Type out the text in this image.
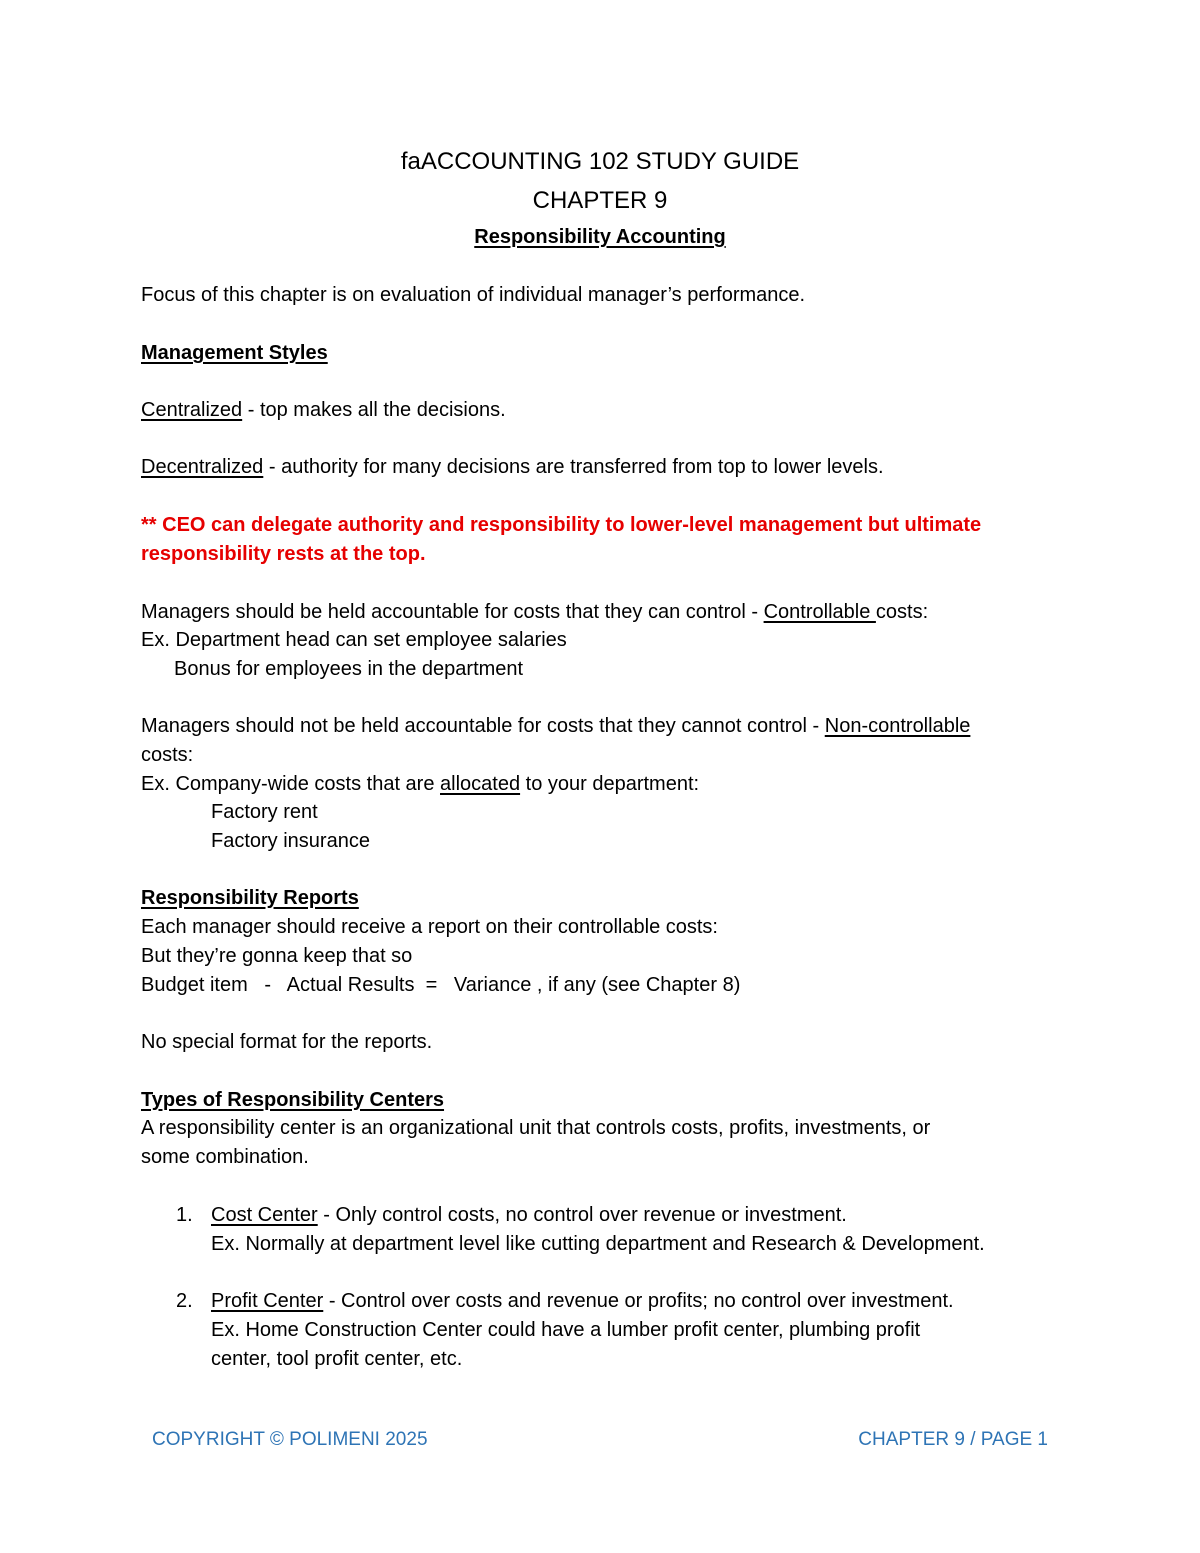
faACCOUNTING 102 STUDY GUIDE
CHAPTER 9
Responsibility Accounting
Focus of this chapter is on evaluation of individual manager’s performance.
Management Styles
Centralized - top makes all the decisions.
Decentralized - authority for many decisions are transferred from top to lower levels.
** CEO can delegate authority and responsibility to lower-level management but ultimate
responsibility rests at the top.
Managers should be held accountable for costs that they can control - Controllable costs:
Ex. Department head can set employee salaries
Bonus for employees in the department
Managers should not be held accountable for costs that they cannot control - Non-controllable
costs:
Ex. Company-wide costs that are allocated to your department:
Factory rent
Factory insurance
Responsibility Reports
Each manager should receive a report on their controllable costs:
But they’re gonna keep that so
Budget item   -   Actual Results  =   Variance , if any (see Chapter 8)
No special format for the reports.
Types of Responsibility Centers
A responsibility center is an organizational unit that controls costs, profits, investments, or
some combination.
1. Cost Center - Only control costs, no control over revenue or investment.
Ex. Normally at department level like cutting department and Research & Development.
2. Profit Center - Control over costs and revenue or profits; no control over investment.
Ex. Home Construction Center could have a lumber profit center, plumbing profit
center, tool profit center, etc.
COPYRIGHT © POLIMENI 2025	CHAPTER 9 / PAGE 1
